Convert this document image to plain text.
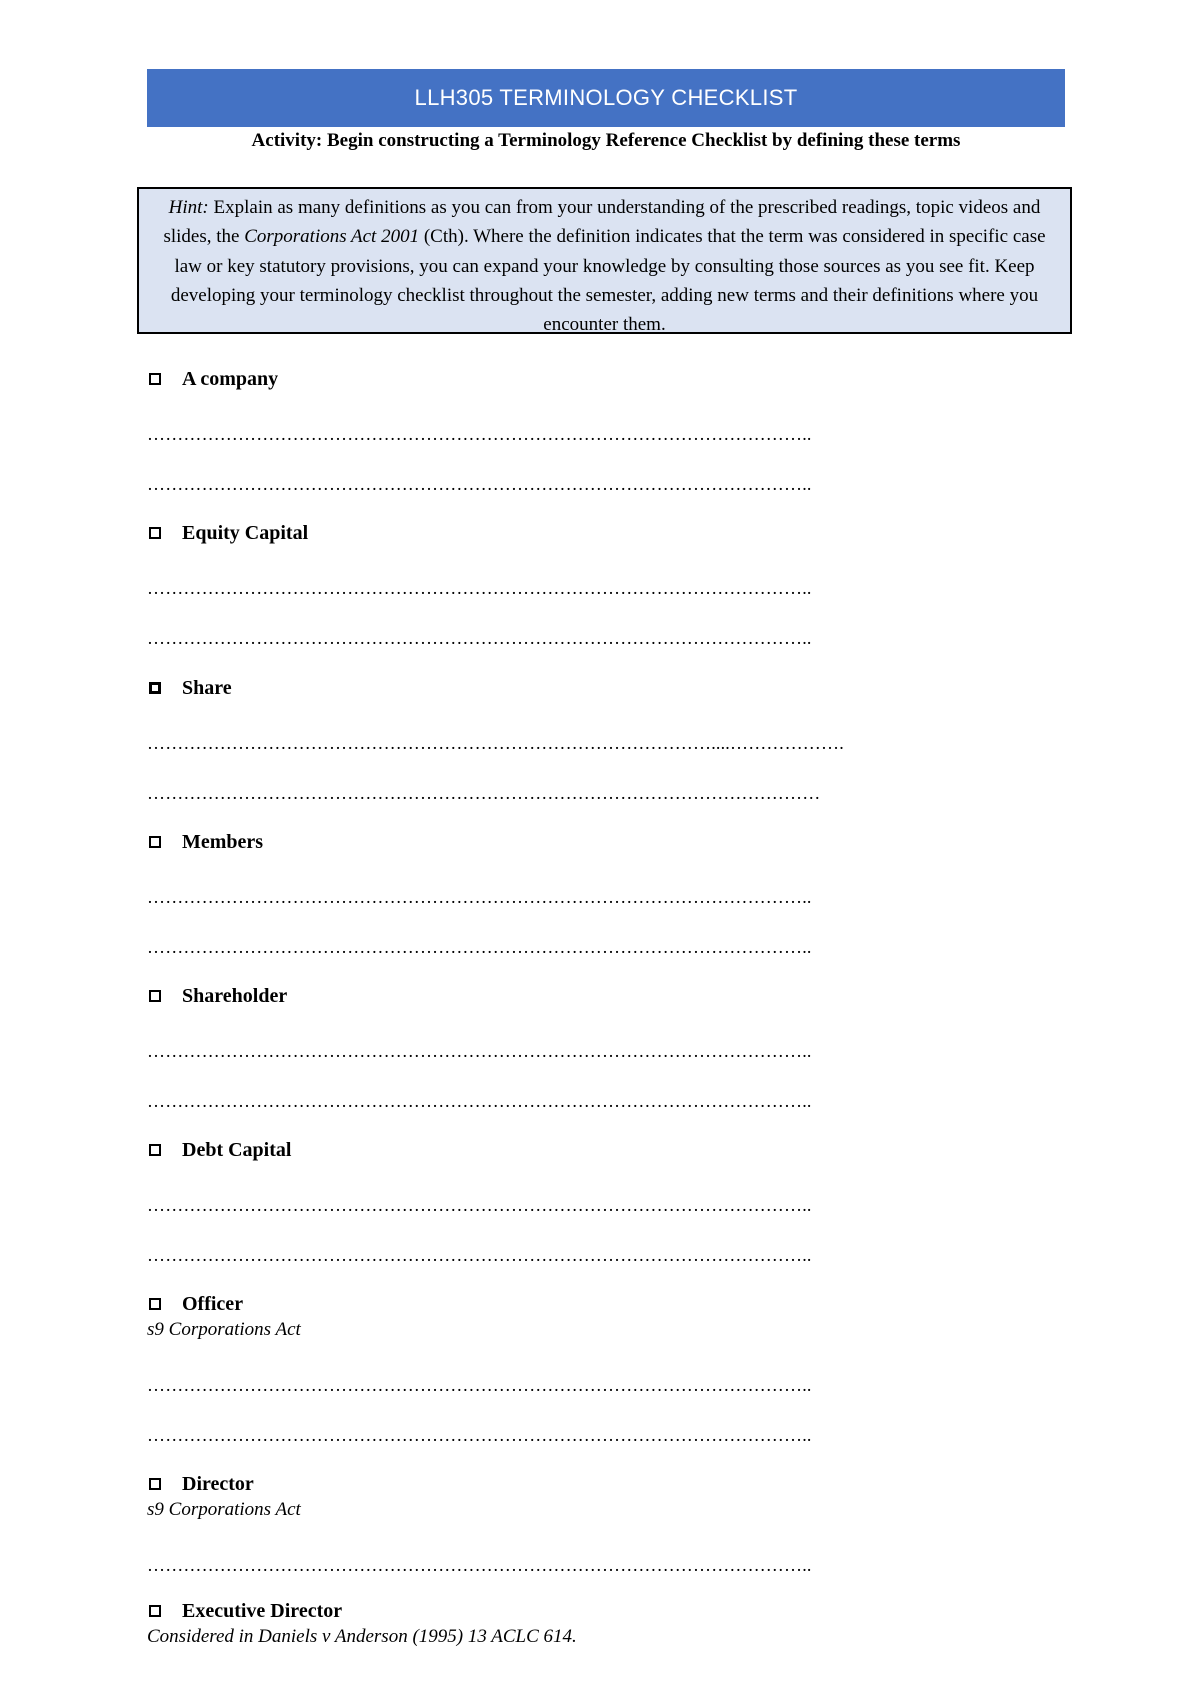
LLH305 TERMINOLOGY CHECKLIST
Activity: Begin constructing a Terminology Reference Checklist by defining these terms
Hint: Explain as many definitions as you can from your understanding of the prescribed readings, topic videos and slides, the Corporations Act 2001 (Cth). Where the definition indicates that the term was considered in specific case law or key statutory provisions, you can expand your knowledge by consulting those sources as you see fit. Keep developing your terminology checklist throughout the semester, adding new terms and their definitions where you encounter them.
A company
………………………………………………………………………………………………..
………………………………………………………………………………………………..
Equity Capital
………………………………………………………………………………………………..
………………………………………………………………………………………………..
Share
…………………………………………………………………………………....……………….
…………………………………………………………………………………………………
Members
………………………………………………………………………………………………..
………………………………………………………………………………………………..
Shareholder
………………………………………………………………………………………………..
………………………………………………………………………………………………..
Debt Capital
………………………………………………………………………………………………..
………………………………………………………………………………………………..
Officer
s9 Corporations Act
………………………………………………………………………………………………..
………………………………………………………………………………………………..
Director
s9 Corporations Act
………………………………………………………………………………………………..
Executive Director
Considered in Daniels v Anderson (1995) 13 ACLC 614.
